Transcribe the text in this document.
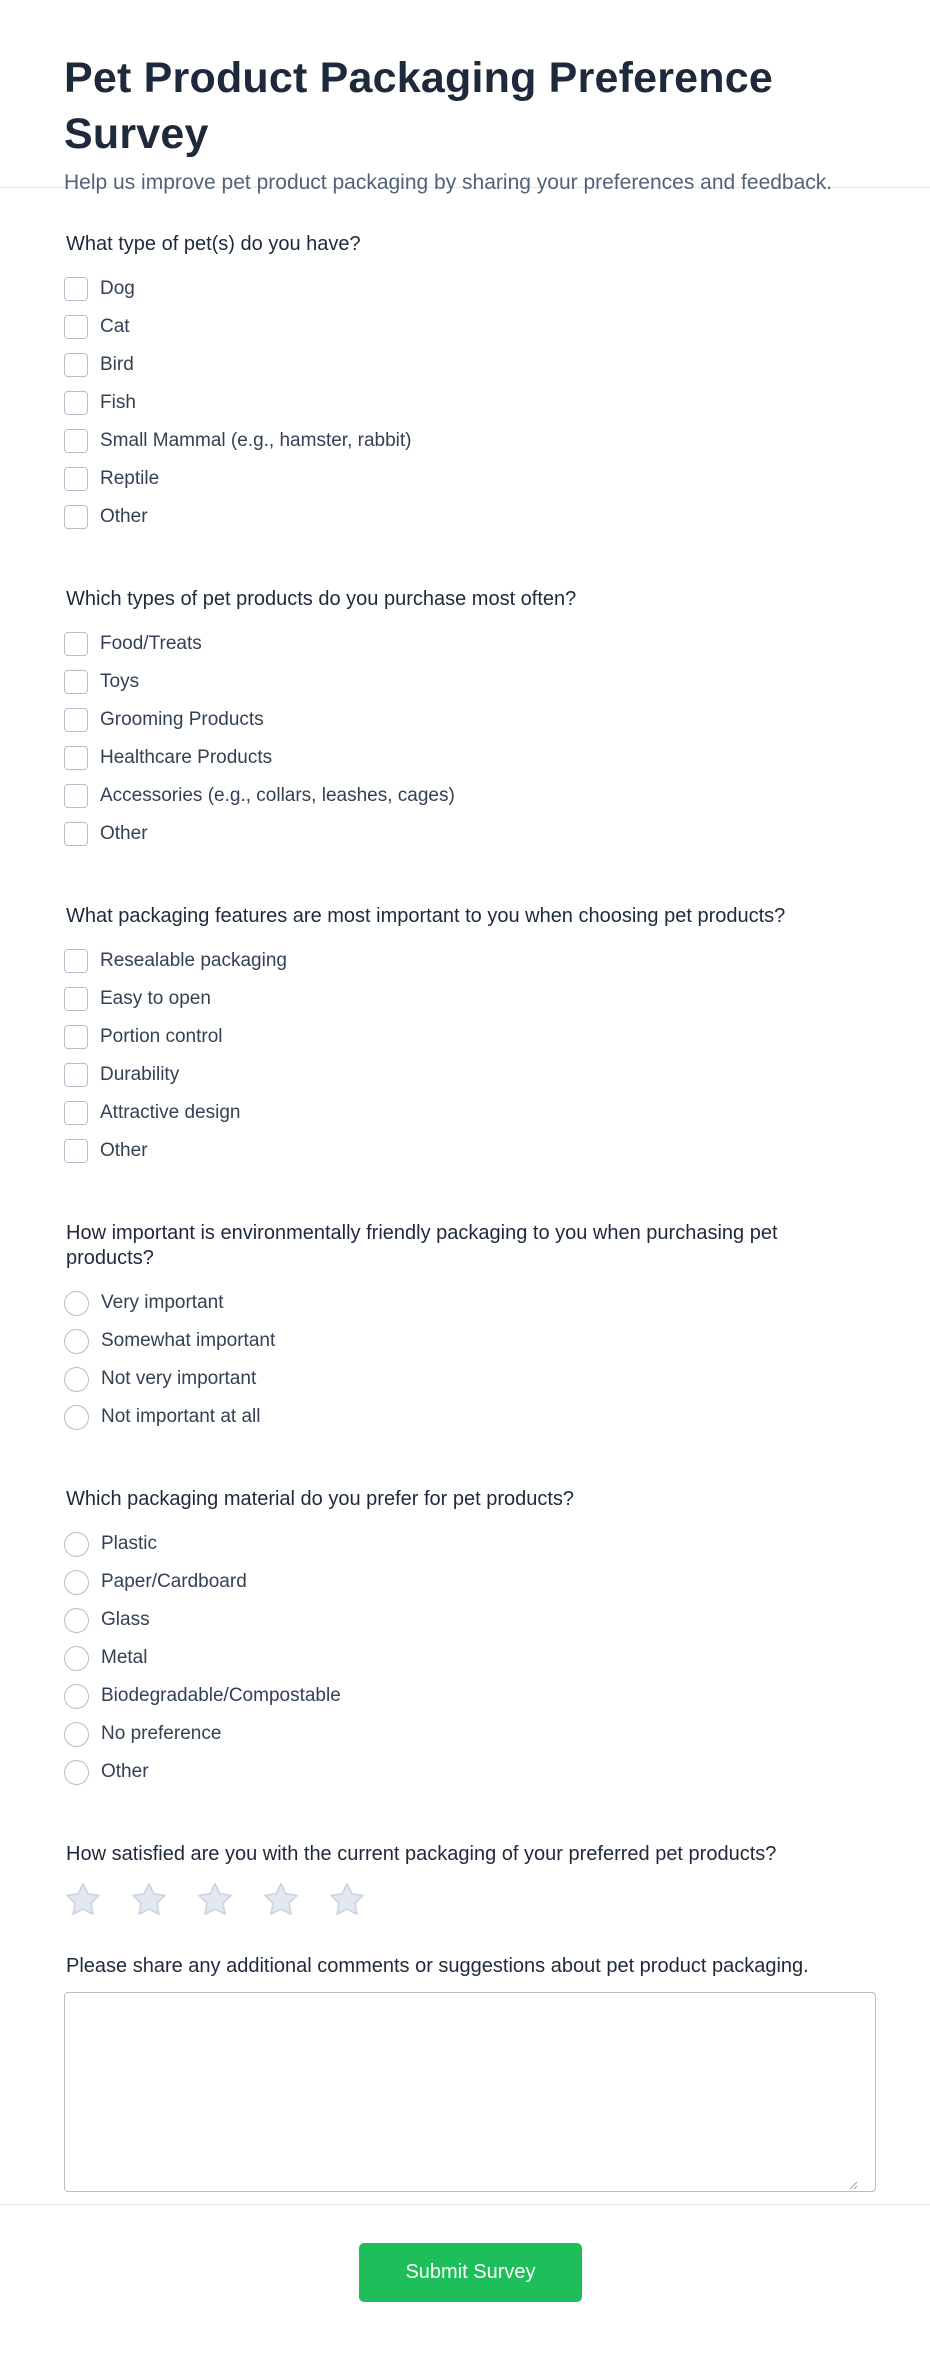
Pet Product Packaging Preference Survey

Help us improve pet product packaging by sharing your preferences and feedback.

What type of pet(s) do you have?
Dog
Cat
Bird
Fish
Small Mammal (e.g., hamster, rabbit)
Reptile
Other
Which types of pet products do you purchase most often?
Food/Treats
Toys
Grooming Products
Healthcare Products
Accessories (e.g., collars, leashes, cages)
Other
What packaging features are most important to you when choosing pet products?
Resealable packaging
Easy to open
Portion control
Durability
Attractive design
Other
How important is environmentally friendly packaging to you when purchasing pet products?
Very important
Somewhat important
Not very important
Not important at all
Which packaging material do you prefer for pet products?
Plastic
Paper/Cardboard
Glass
Metal
Biodegradable/Compostable
No preference
Other
How satisfied are you with the current packaging of your preferred pet products?
Please share any additional comments or suggestions about pet product packaging.
Submit Survey
